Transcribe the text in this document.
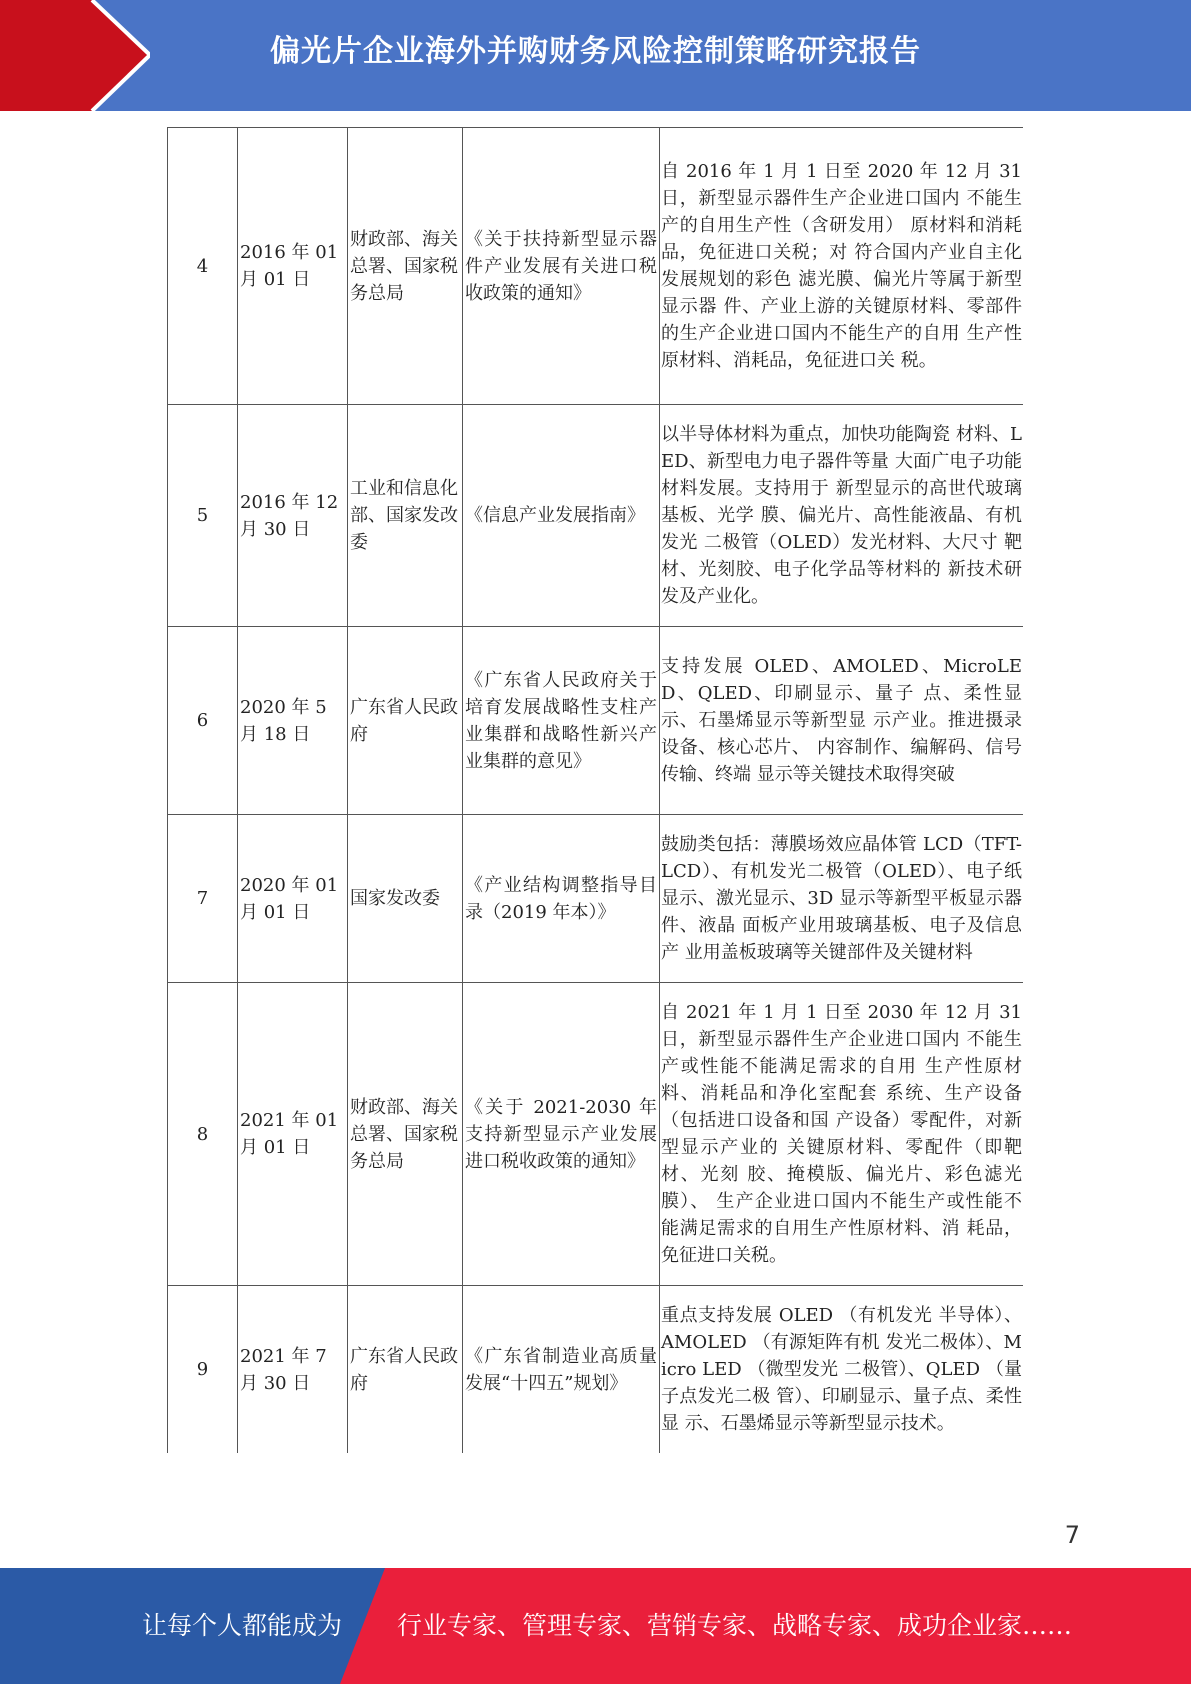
偏光片企业海外并购财务风险控制策略研究报告
4	2016 年 01 月 01 日	财政部、海关总署、国家税务总局	《关于扶持新型显示器件产业发展有关进口税收政策的通知》	自 2016 年 1 月 1 日至 2020 年 12 月 31 日，新型显示器件生产企业进口国内 不能生产的自用生产性（含研发用） 原材料和消耗品，免征进口关税；对 符合国内产业自主化发展规划的彩色 滤光膜、偏光片等属于新型显示器 件、产业上游的关键原材料、零部件 的生产企业进口国内不能生产的自用 生产性原材料、消耗品，免征进口关 税。
5	2016 年 12 月 30 日	工业和信息化部、国家发改委	《信息产业发展指南》	以半导体材料为重点，加快功能陶瓷 材料、LED、新型电力电子器件等量 大面广电子功能材料发展。支持用于 新型显示的高世代玻璃基板、光学 膜、偏光片、高性能液晶、有机发光 二极管（OLED）发光材料、大尺寸 靶材、光刻胶、电子化学品等材料的 新技术研发及产业化。
6	2020 年 5 月 18 日	广东省人民政府	《广东省人民政府关于培育发展战略性支柱产业集群和战略性新兴产业集群的意见》	支持发展 OLED、AMOLED、MicroLED、QLED、印刷显示、量子 点、柔性显示、石墨烯显示等新型显 示产业。推进摄录设备、核心芯片、 内容制作、编解码、信号传输、终端 显示等关键技术取得突破
7	2020 年 01 月 01 日	国家发改委	《产业结构调整指导目录（2019 年本）》	鼓励类包括：薄膜场效应晶体管 LCD（TFT-LCD）、有机发光二极管（OLED）、电子纸显示、激光显示、3D 显示等新型平板显示器件、液晶 面板产业用玻璃基板、电子及信息产 业用盖板玻璃等关键部件及关键材料
8	2021 年 01 月 01 日	财政部、海关总署、国家税务总局	《关于 2021-2030 年支持新型显示产业发展进口税收政策的通知》	自 2021 年 1 月 1 日至 2030 年 12 月 31 日，新型显示器件生产企业进口国内 不能生产或性能不能满足需求的自用 生产性原材料、消耗品和净化室配套 系统、生产设备（包括进口设备和国 产设备）零配件，对新型显示产业的 关键原材料、零配件（即靶材、光刻 胶、掩模版、偏光片、彩色滤光膜）、 生产企业进口国内不能生产或性能不 能满足需求的自用生产性原材料、消 耗品，免征进口关税。
9	2021 年 7 月 30 日	广东省人民政府	《广东省制造业高质量发展“十四五”规划》	重点支持发展 OLED （有机发光 半导体）、AMOLED （有源矩阵有机 发光二极体）、Micro LED （微型发光 二极管）、QLED （量子点发光二极 管）、印刷显示、量子点、柔性显 示、石墨烯显示等新型显示技术。
7
让每个人都能成为 行业专家、管理专家、营销专家、战略专家、成功企业家……
